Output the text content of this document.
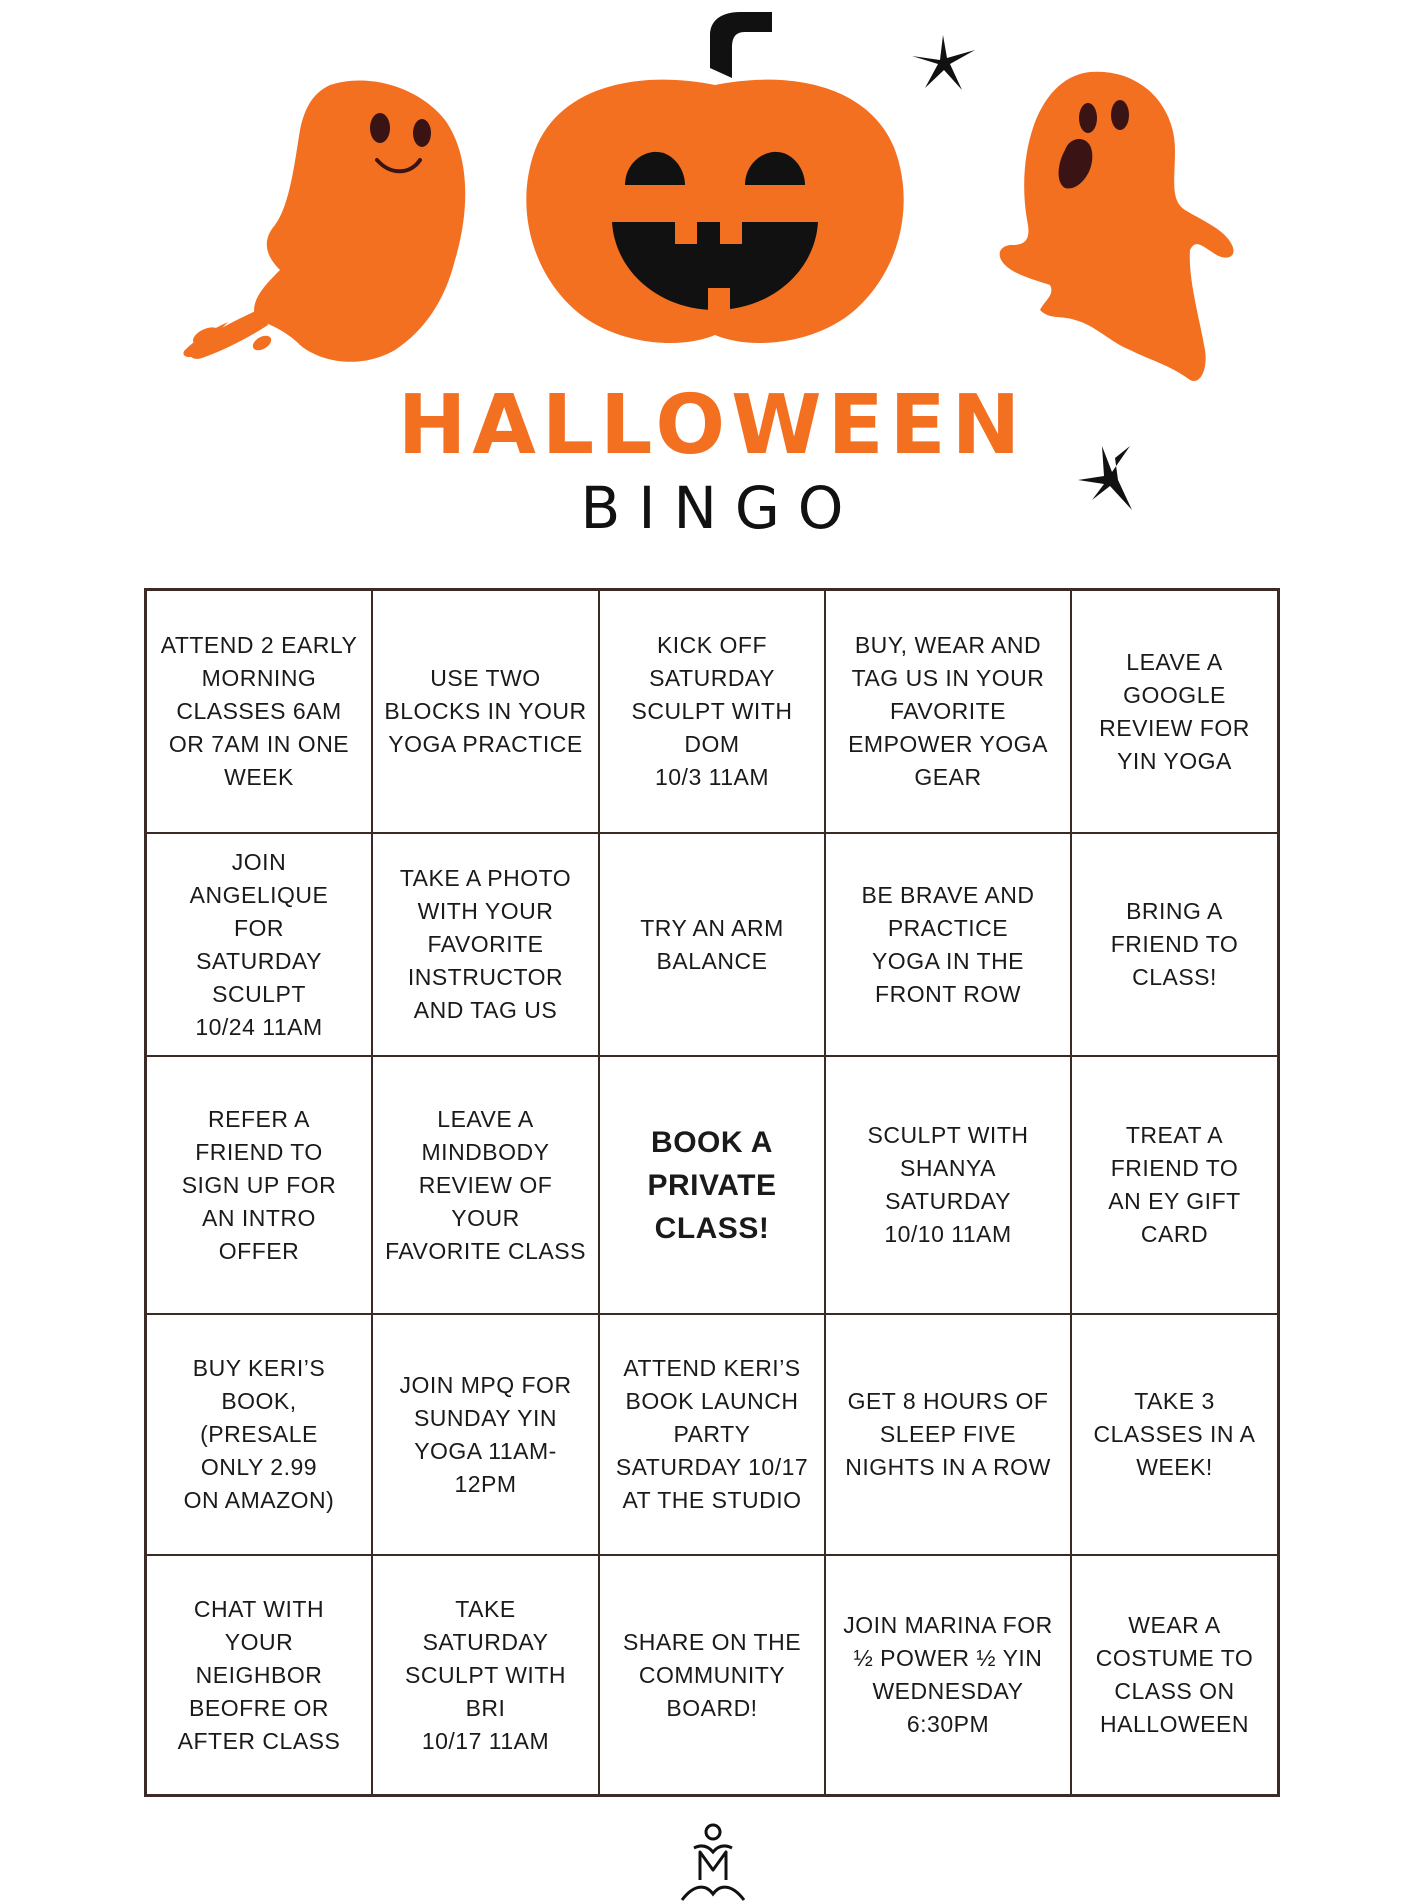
HALLOWEEN
BINGO
ATTEND 2 EARLY
MORNING
CLASSES 6AM
OR 7AM IN ONE
WEEK
USE TWO
BLOCKS IN YOUR
YOGA PRACTICE
KICK OFF
SATURDAY
SCULPT WITH
DOM
10/3 11AM
BUY, WEAR AND
TAG US IN YOUR
FAVORITE
EMPOWER YOGA
GEAR
LEAVE A
GOOGLE
REVIEW FOR
YIN YOGA
JOIN
ANGELIQUE
FOR
SATURDAY
SCULPT
10/24 11AM
TAKE A PHOTO
WITH YOUR
FAVORITE
INSTRUCTOR
AND TAG US
TRY AN ARM
BALANCE
BE BRAVE AND
PRACTICE
YOGA IN THE
FRONT ROW
BRING A
FRIEND TO
CLASS!
REFER A
FRIEND TO
SIGN UP FOR
AN INTRO
OFFER
LEAVE A
MINDBODY
REVIEW OF YOUR
FAVORITE CLASS
BOOK A
PRIVATE
CLASS!
SCULPT WITH
SHANYA SATURDAY
10/10 11AM
TREAT A
FRIEND TO
AN EY GIFT
CARD
BUY KERI’S
BOOK,
(PRESALE
ONLY 2.99
ON AMAZON)
JOIN MPQ FOR
SUNDAY YIN
YOGA 11AM-
12PM
ATTEND KERI’S
BOOK LAUNCH
PARTY
SATURDAY 10/17
AT THE STUDIO
GET 8 HOURS OF
SLEEP FIVE
NIGHTS IN A ROW
TAKE 3
CLASSES IN A
WEEK!
CHAT WITH
YOUR
NEIGHBOR
BEOFRE OR
AFTER CLASS
TAKE
SATURDAY
SCULPT WITH
BRI
10/17 11AM
SHARE ON THE
COMMUNITY
BOARD!
JOIN MARINA FOR
½ POWER ½ YIN
WEDNESDAY
6:30PM
WEAR A
COSTUME TO
CLASS ON
HALLOWEEN
